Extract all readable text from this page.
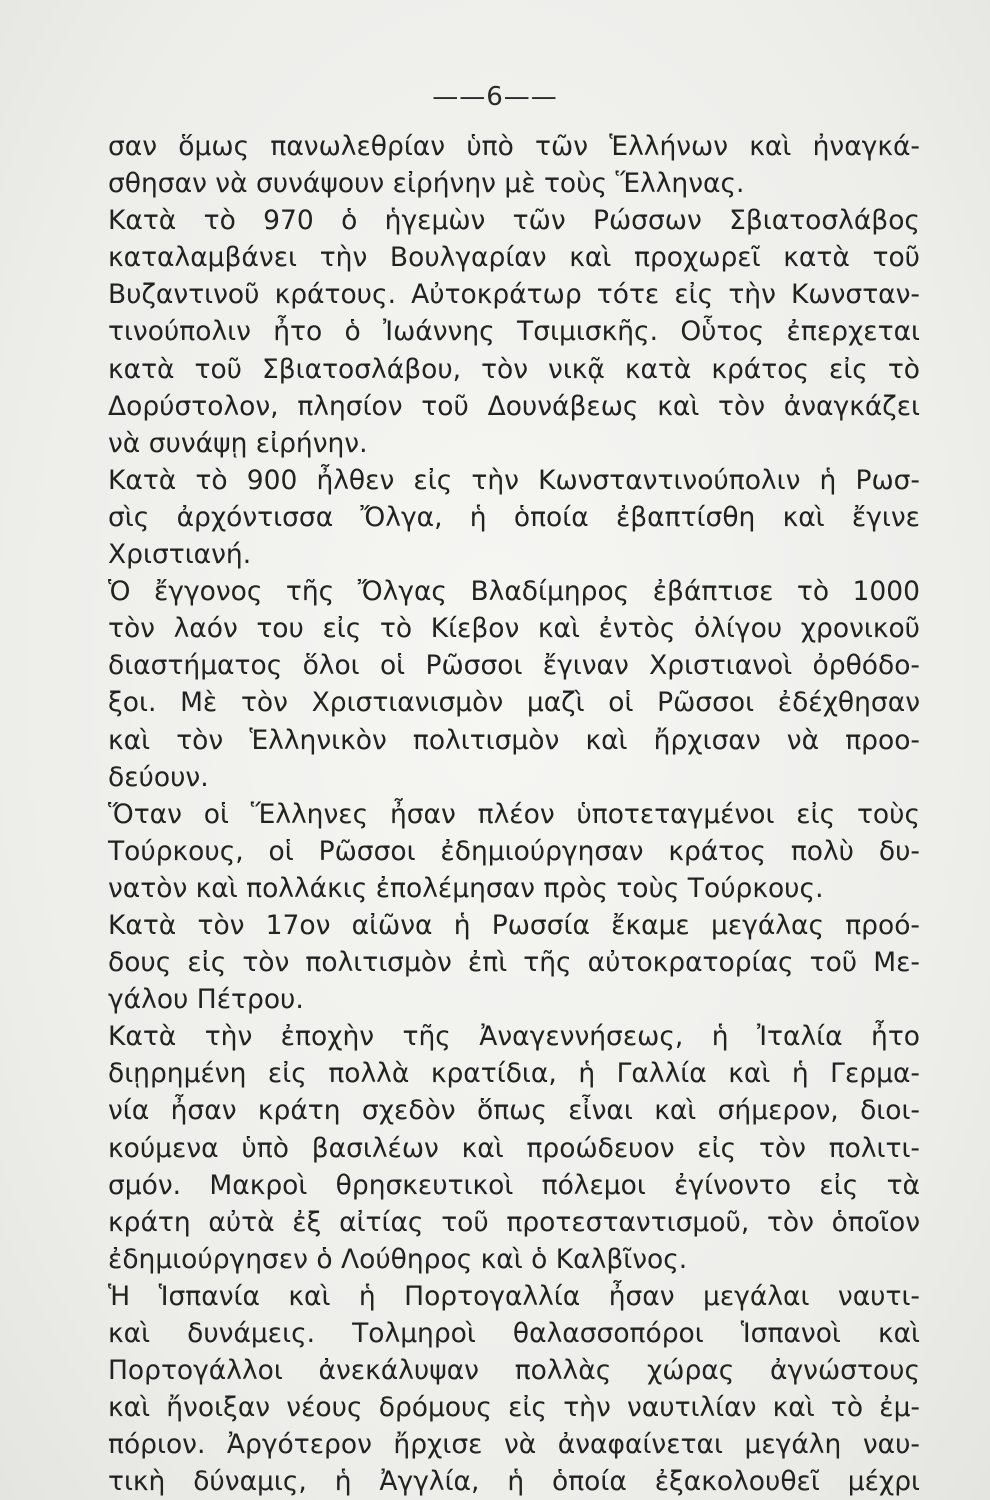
——6——
σαν ὅμως πανωλεθρίαν ὑπὸ τῶν Ἑλλήνων καὶ ἠναγκά-
σθησαν νὰ συνάψουν εἰρήνην μὲ τοὺς Ἕλληνας.
Κατὰ τὸ 970 ὁ ἡγεμὼν τῶν Ρώσσων Σβιατοσλάβος
καταλαμβάνει τὴν Βουλγαρίαν καὶ προχωρεῖ κατὰ τοῦ
Βυζαντινοῦ κράτους. Αὐτοκράτωρ τότε εἰς τὴν Κωνσταν-
τινούπολιν ἦτο ὁ Ἰωάννης Τσιμισκῆς. Οὗτος ἐπερχεται
κατὰ τοῦ Σβιατοσλάβου, τὸν νικᾷ κατὰ κράτος εἰς τὸ
Δορύστολον, πλησίον τοῦ Δουνάβεως καὶ τὸν ἀναγκάζει
νὰ συνάψῃ εἰρήνην.
Κατὰ τὸ 900 ἦλθεν εἰς τὴν Κωνσταντινούπολιν ἡ Ρωσ-
σὶς ἀρχόντισσα Ὄλγα, ἡ ὁποία ἐβαπτίσθη καὶ ἔγινε
Χριστιανή.
Ὁ ἔγγονος τῆς Ὄλγας Βλαδίμηρος ἐβάπτισε τὸ 1000
τὸν λαόν του εἰς τὸ Κίεβον καὶ ἐντὸς ὀλίγου χρονικοῦ
διαστήματος ὅλοι οἱ Ρῶσσοι ἔγιναν Χριστιανοὶ ὀρθόδο-
ξοι. Μὲ τὸν Χριστιανισμὸν μαζὶ οἱ Ρῶσσοι ἐδέχθησαν
καὶ τὸν Ἑλληνικὸν πολιτισμὸν καὶ ἤρχισαν νὰ προο-
δεύουν.
Ὅταν οἱ Ἕλληνες ἦσαν πλέον ὑποτεταγμένοι εἰς τοὺς
Τούρκους, οἱ Ρῶσσοι ἐδημιούργησαν κράτος πολὺ δυ-
νατὸν καὶ πολλάκις ἐπολέμησαν πρὸς τοὺς Τούρκους.
Κατὰ τὸν 17ον αἰῶνα ἡ Ρωσσία ἔκαμε μεγάλας προό-
δους εἰς τὸν πολιτισμὸν ἐπὶ τῆς αὐτοκρατορίας τοῦ Με-
γάλου Πέτρου.
Κατὰ τὴν ἐποχὴν τῆς Ἀναγεννήσεως, ἡ Ἰταλία ἦτο
διῃρημένη εἰς πολλὰ κρατίδια, ἡ Γαλλία καὶ ἡ Γερμα-
νία ἦσαν κράτη σχεδὸν ὅπως εἶναι καὶ σήμερον, διοι-
κούμενα ὑπὸ βασιλέων καὶ προώδευον εἰς τὸν πολιτι-
σμόν. Μακροὶ θρησκευτικοὶ πόλεμοι ἐγίνοντο εἰς τὰ
κράτη αὐτὰ ἐξ αἰτίας τοῦ προτεσταντισμοῦ, τὸν ὁποῖον
ἐδημιούργησεν ὁ Λούθηρος καὶ ὁ Καλβῖνος.
Ἡ Ἱσπανία καὶ ἡ Πορτογαλλία ἦσαν μεγάλαι ναυτι-
καὶ δυνάμεις. Τολμηροὶ θαλασσοπόροι Ἱσπανοὶ καὶ
Πορτογάλλοι ἀνεκάλυψαν πολλὰς χώρας ἀγνώστους
καὶ ἤνοιξαν νέους δρόμους εἰς τὴν ναυτιλίαν καὶ τὸ ἐμ-
πόριον. Ἀργότερον ἤρχισε νὰ ἀναφαίνεται μεγάλη ναυ-
τικὴ δύναμις, ἡ Ἀγγλία, ἡ ὁποία ἐξακολουθεῖ μέχρι
